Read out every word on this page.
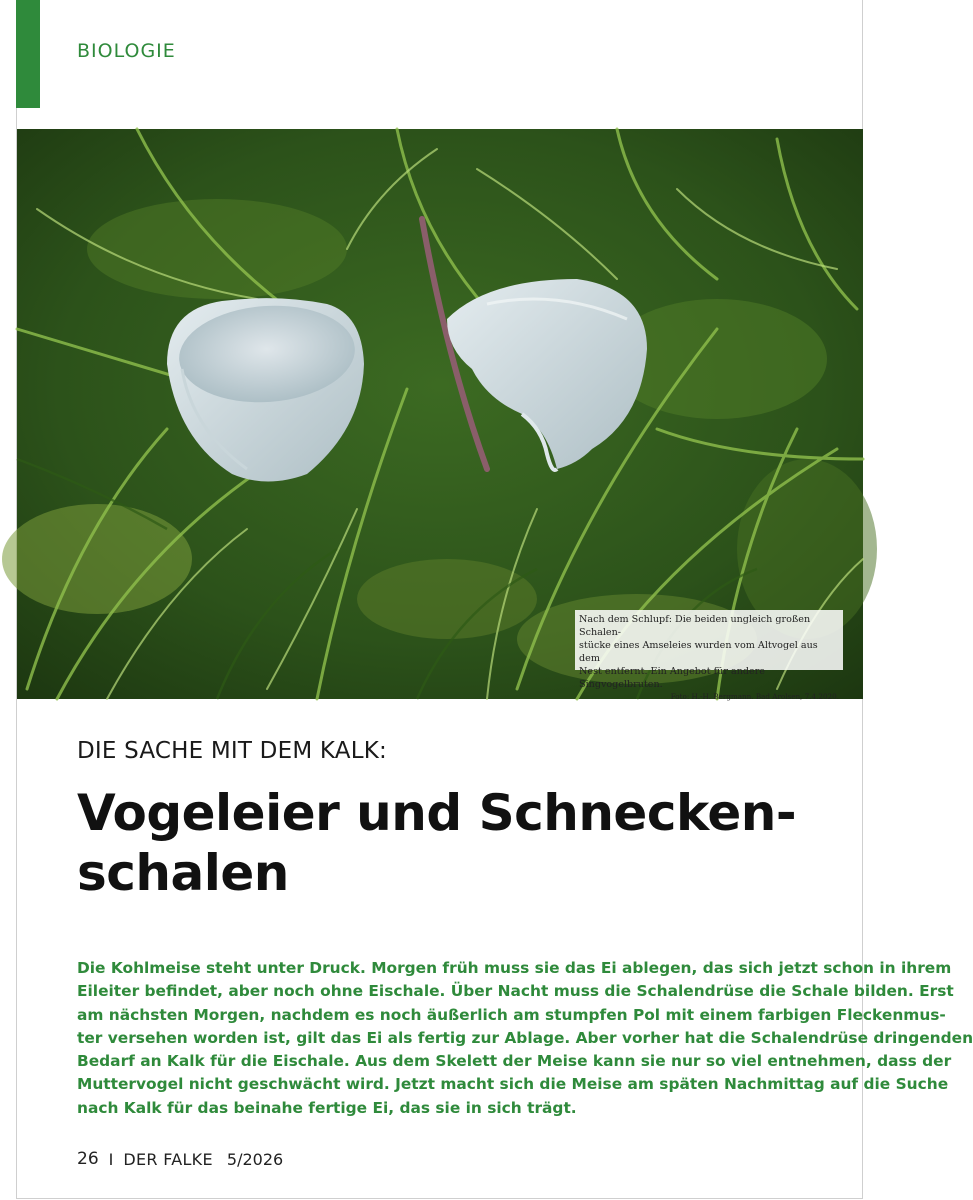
BIOLOGIE
Nach dem Schlupf: Die beiden ungleich großen Schalen-
stücke eines Amseleies wurden vom Altvogel aus dem
Nest entfernt. Ein Angebot für andere Singvogelbruten.
Foto: H.-H. Bergmann. Bad Arolsen, 7.4.2020.
DIE SACHE MIT DEM KALK:
Vogeleier und Schnecken-
schalen
Die Kohlmeise steht unter Druck. Morgen früh muss sie das Ei ablegen, das sich jetzt schon in ihrem
Eileiter befindet, aber noch ohne Eischale. Über Nacht muss die Schalendrüse die Schale bilden. Erst
am nächsten Morgen, nachdem es noch äußerlich am stumpfen Pol mit einem farbigen Fleckenmus-
ter versehen worden ist, gilt das Ei als fertig zur Ablage. Aber vorher hat die Schalendrüse dringenden
Bedarf an Kalk für die Eischale. Aus dem Skelett der Meise kann sie nur so viel entnehmen, dass der
Muttervogel nicht geschwächt wird. Jetzt macht sich die Meise am späten Nachmittag auf die Suche
nach Kalk für das beinahe fertige Ei, das sie in sich trägt.
26 I DER FALKE 5/2026
